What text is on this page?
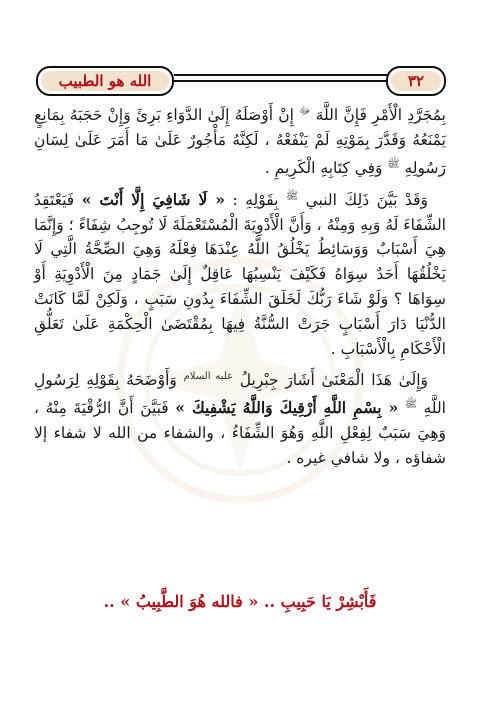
الله هو الطبيب	٣٢

بِمُجَرَّدِ الْأَمْرِ فَإِنَّ اللَّهَ $^ﷻ$ إِنْ أَوْصَلَهُ إِلَىٰ الدَّوَاءِ بَرِئَ وَإِنْ حَجَبَهُ بِمَانِعٍ يَمْنَعُهُ وَقَدَّرَ بِمَوْتِهِ لَمْ يَنْفَعْهُ ، لَكِنَّهُ مَأْجُورٌ عَلَىٰ مَا أَمَرَ عَلَىٰ لِسَانِ رَسُولِهِ $^ﷺ$ وَفِي كِتَابِهِ الْكَرِيمِ .

وَقَدْ بَيَّنَ ذَلِكَ النبي $^ﷺ$ بِقَوْلِهِ : « لَا شَافِيَ إِلَّا أَنْتَ » فَيَعْتَقِدُ الشِّفَاءَ لَهُ وَبِهِ وَمِنْهُ ، وَأَنَّ الْأَدْوِيَةَ الْمُسْتَعْمَلَةَ لَا تُوجِبُ شِفَاءً ؛ وَإِنَّمَا هِيَ أَسْبَابٌ وَوَسَائِطُ يَخْلُقُ اللَّهُ عِنْدَهَا فِعْلَهُ وَهِيَ الصِّحَّةُ الَّتِي لَا يَخْلُقُهَا أَحَدٌ سِوَاهُ فَكَيْفَ يَنْسِبُهَا عَاقِلٌ إِلَىٰ جَمَادٍ مِنَ الْأَدْوِيَةِ أَوْ سِوَاهَا ؟ وَلَوْ شَاءَ رَبُّكَ لَخَلَقَ الشِّفَاءَ بِدُونِ سَبَبٍ ، وَلَكِنْ لَمَّا كَانَتْ الدُّنْيَا دَارَ أَسْبَابٍ جَرَتْ السُّنَّةُ فِيهَا بِمُقْتَضَىٰ الْحِكْمَةِ عَلَىٰ تَعَلُّقِ الْأَحْكَامِ بِالْأَسْبَابِ .

وَإِلَىٰ هَذَا الْمَعْنَىٰ أَشَارَ جِبْرِيلُ $^{عليه السلام}$ وَأَوْضَحَهُ بِقَوْلِهِ لِرَسُولِ اللَّهِ $^ﷺ$ « بِسْمِ اللَّهِ أَرْقِيكَ وَاللَّهُ يَشْفِيكَ » فَبَيَّنَ أَنَّ الرُّقْيَةَ مِنْهُ ، وَهِيَ سَبَبٌ لِفِعْلِ اللَّهِ وَهُوَ الشِّفَاءُ ، والشفاء من الله لا شفاء إلا شفاؤه ، ولا شافي غيره .

فَأَبْشِرْ يَا حَبِيبِ .. « فالله هُوَ الطَّبِيبُ » ..
